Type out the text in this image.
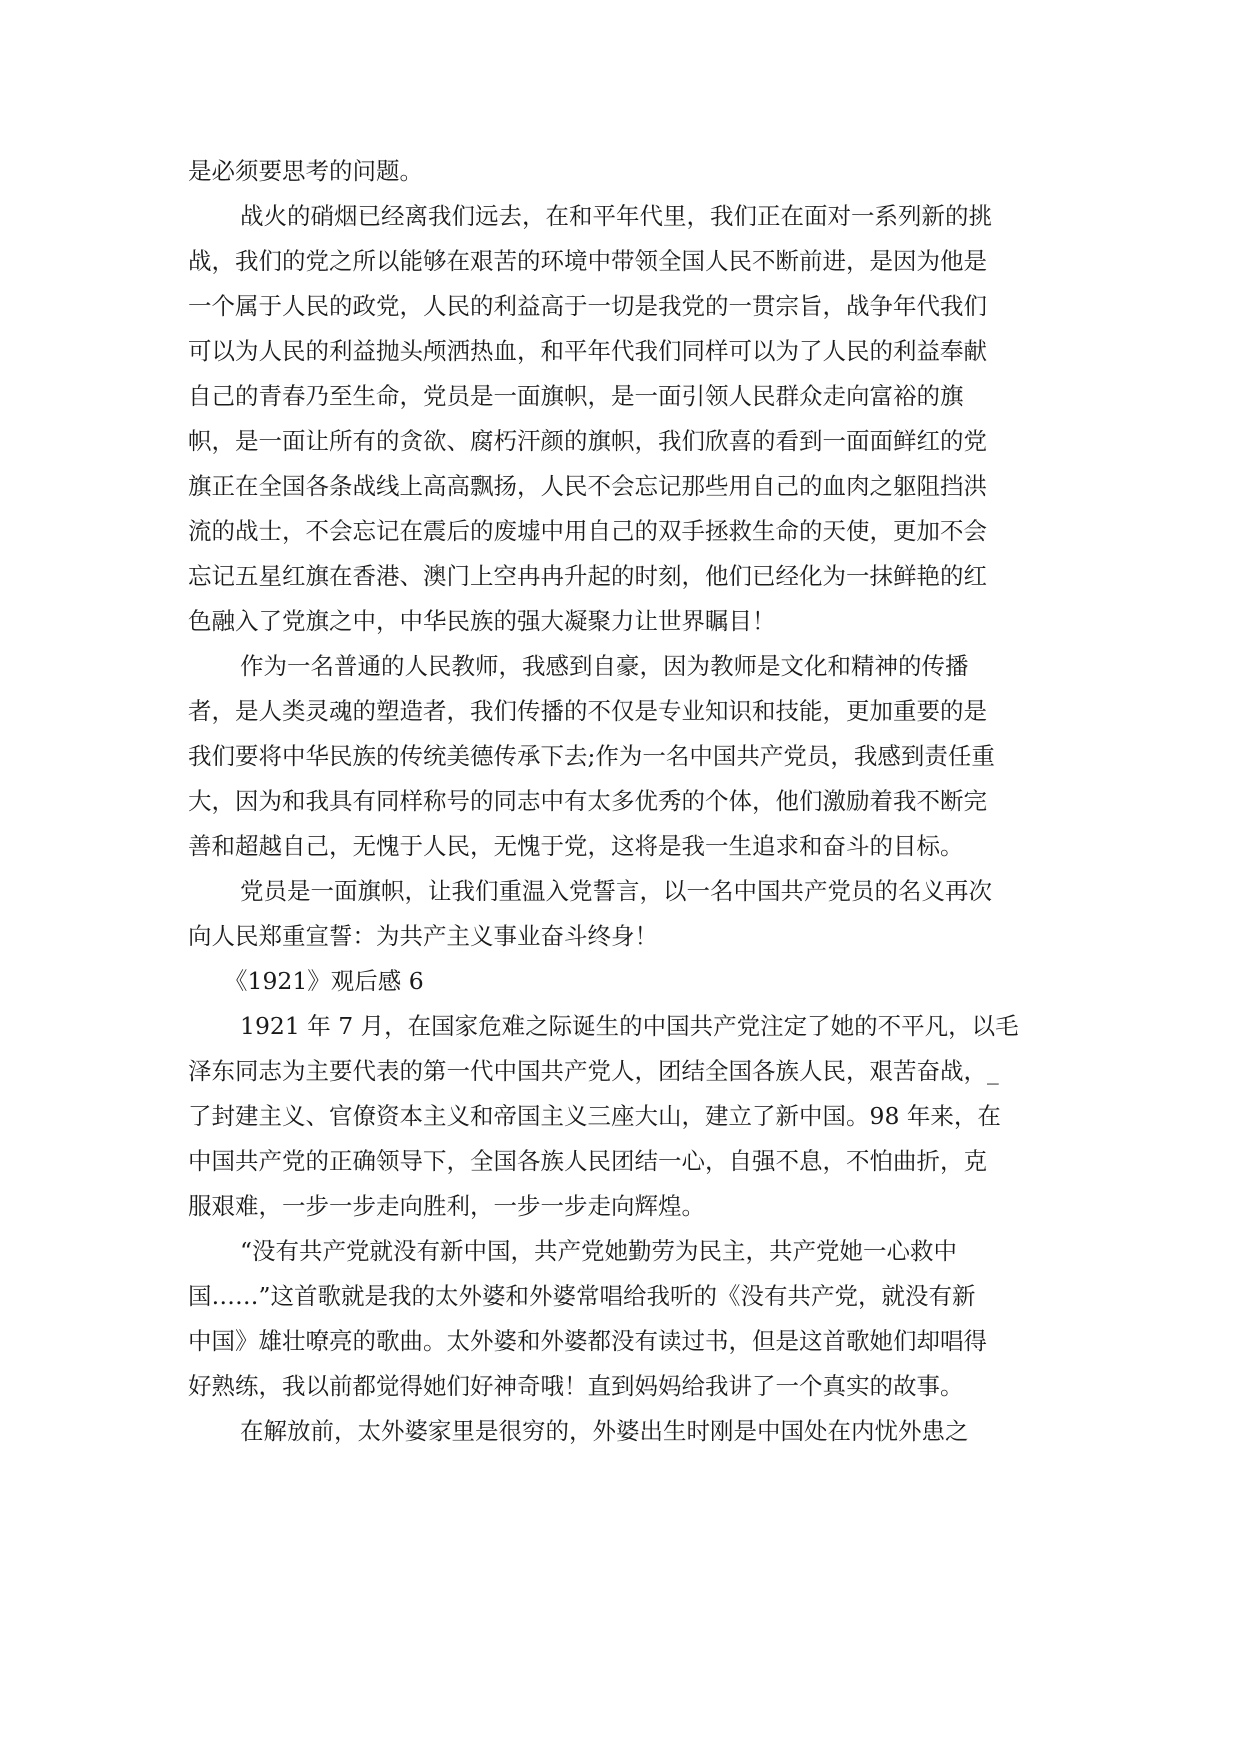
是必须要思考的问题。
战火的硝烟已经离我们远去，在和平年代里，我们正在面对一系列新的挑
战，我们的党之所以能够在艰苦的环境中带领全国人民不断前进，是因为他是
一个属于人民的政党，人民的利益高于一切是我党的一贯宗旨，战争年代我们
可以为人民的利益抛头颅洒热血，和平年代我们同样可以为了人民的利益奉献
自己的青春乃至生命，党员是一面旗帜，是一面引领人民群众走向富裕的旗
帜，是一面让所有的贪欲、腐朽汗颜的旗帜，我们欣喜的看到一面面鲜红的党
旗正在全国各条战线上高高飘扬，人民不会忘记那些用自己的血肉之躯阻挡洪
流的战士，不会忘记在震后的废墟中用自己的双手拯救生命的天使，更加不会
忘记五星红旗在香港、澳门上空冉冉升起的时刻，他们已经化为一抹鲜艳的红
色融入了党旗之中，中华民族的强大凝聚力让世界瞩目！
作为一名普通的人民教师，我感到自豪，因为教师是文化和精神的传播
者，是人类灵魂的塑造者，我们传播的不仅是专业知识和技能，更加重要的是
我们要将中华民族的传统美德传承下去;作为一名中国共产党员，我感到责任重
大，因为和我具有同样称号的同志中有太多优秀的个体，他们激励着我不断完
善和超越自己，无愧于人民，无愧于党，这将是我一生追求和奋斗的目标。
党员是一面旗帜，让我们重温入党誓言，以一名中国共产党员的名义再次
向人民郑重宣誓：为共产主义事业奋斗终身！
《1921》观后感 6
1921 年 7 月，在国家危难之际诞生的中国共产党注定了她的不平凡，以毛
泽东同志为主要代表的第一代中国共产党人，团结全国各族人民，艰苦奋战，_
了封建主义、官僚资本主义和帝国主义三座大山，建立了新中国。98 年来，在
中国共产党的正确领导下，全国各族人民团结一心，自强不息，不怕曲折，克
服艰难，一步一步走向胜利，一步一步走向辉煌。
“没有共产党就没有新中国，共产党她勤劳为民主，共产党她一心救中
国……”这首歌就是我的太外婆和外婆常唱给我听的《没有共产党，就没有新
中国》雄壮嘹亮的歌曲。太外婆和外婆都没有读过书，但是这首歌她们却唱得
好熟练，我以前都觉得她们好神奇哦！直到妈妈给我讲了一个真实的故事。
在解放前，太外婆家里是很穷的，外婆出生时刚是中国处在内忧外患之
